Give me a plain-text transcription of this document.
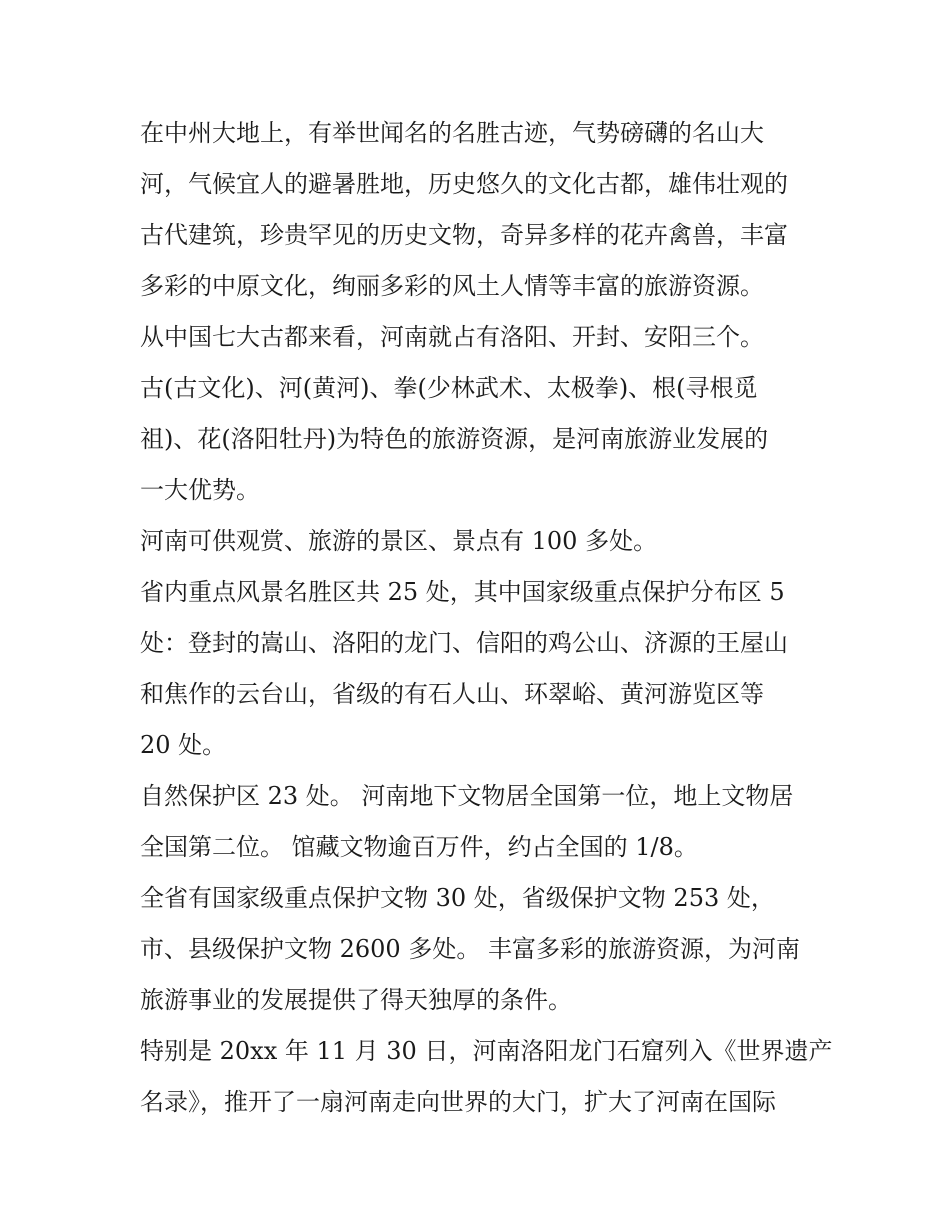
在中州大地上，有举世闻名的名胜古迹，气势磅礴的名山大
河，气候宜人的避暑胜地，历史悠久的文化古都，雄伟壮观的
古代建筑，珍贵罕见的历史文物，奇异多样的花卉禽兽，丰富
多彩的中原文化，绚丽多彩的风土人情等丰富的旅游资源。
从中国七大古都来看，河南就占有洛阳、开封、安阳三个。
古(古文化)、河(黄河)、拳(少林武术、太极拳)、根(寻根觅
祖)、花(洛阳牡丹)为特色的旅游资源，是河南旅游业发展的
一大优势。
河南可供观赏、旅游的景区、景点有 100 多处。
省内重点风景名胜区共 25 处，其中国家级重点保护分布区 5
处：登封的嵩山、洛阳的龙门、信阳的鸡公山、济源的王屋山
和焦作的云台山，省级的有石人山、环翠峪、黄河游览区等
20 处。
自然保护区 23 处。 河南地下文物居全国第一位，地上文物居
全国第二位。 馆藏文物逾百万件，约占全国的 1/8。
全省有国家级重点保护文物 30 处，省级保护文物 253 处，
市、县级保护文物 2600 多处。 丰富多彩的旅游资源，为河南
旅游事业的发展提供了得天独厚的条件。
特别是 20xx 年 11 月 30 日，河南洛阳龙门石窟列入《世界遗产
名录》，推开了一扇河南走向世界的大门，扩大了河南在国际
